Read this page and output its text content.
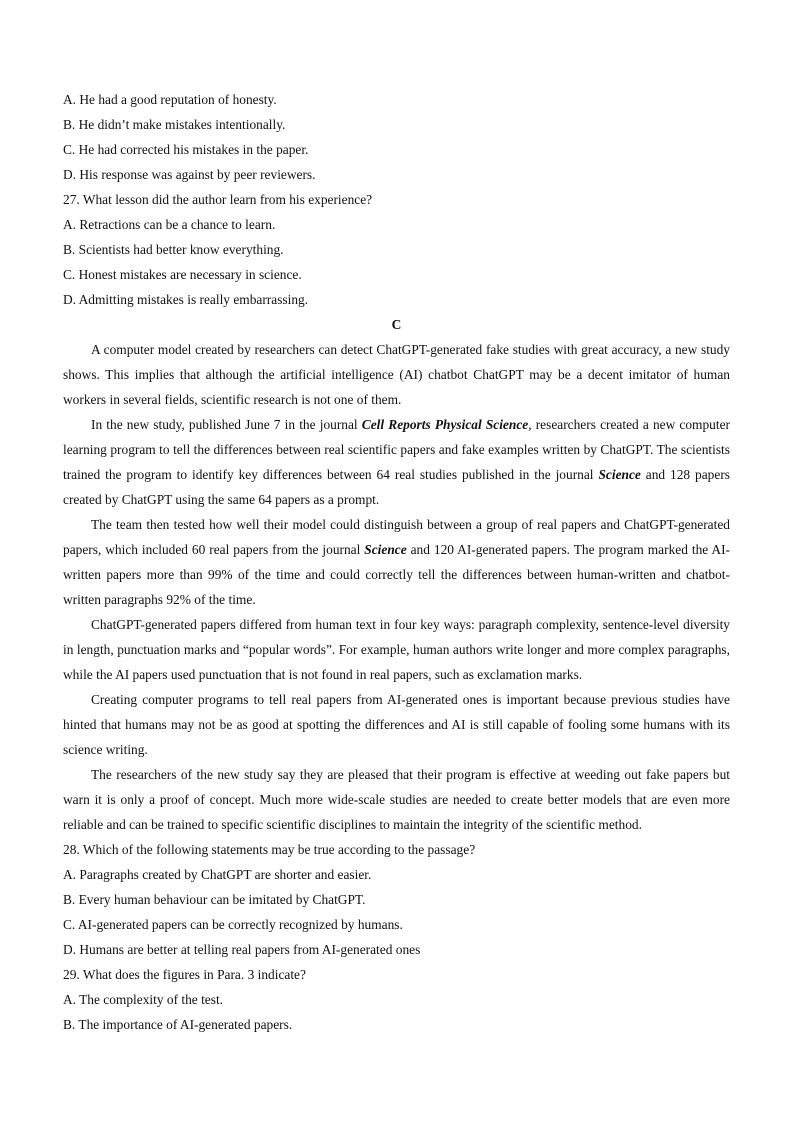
A. He had a good reputation of honesty.
B. He didn’t make mistakes intentionally.
C. He had corrected his mistakes in the paper.
D. His response was against by peer reviewers.
27. What lesson did the author learn from his experience?
A. Retractions can be a chance to learn.
B. Scientists had better know everything.
C. Honest mistakes are necessary in science.
D. Admitting mistakes is really embarrassing.
C
A computer model created by researchers can detect ChatGPT-generated fake studies with great accuracy, a new study shows. This implies that although the artificial intelligence (AI) chatbot ChatGPT may be a decent imitator of human workers in several fields, scientific research is not one of them.
In the new study, published June 7 in the journal Cell Reports Physical Science, researchers created a new computer learning program to tell the differences between real scientific papers and fake examples written by ChatGPT. The scientists trained the program to identify key differences between 64 real studies published in the journal Science and 128 papers created by ChatGPT using the same 64 papers as a prompt.
The team then tested how well their model could distinguish between a group of real papers and ChatGPT-generated papers, which included 60 real papers from the journal Science and 120 AI-generated papers. The program marked the AI-written papers more than 99% of the time and could correctly tell the differences between human-written and chatbot-written paragraphs 92% of the time.
ChatGPT-generated papers differed from human text in four key ways: paragraph complexity, sentence-level diversity in length, punctuation marks and “popular words”. For example, human authors write longer and more complex paragraphs, while the AI papers used punctuation that is not found in real papers, such as exclamation marks.
Creating computer programs to tell real papers from AI-generated ones is important because previous studies have hinted that humans may not be as good at spotting the differences and AI is still capable of fooling some humans with its science writing.
The researchers of the new study say they are pleased that their program is effective at weeding out fake papers but warn it is only a proof of concept. Much more wide-scale studies are needed to create better models that are even more reliable and can be trained to specific scientific disciplines to maintain the integrity of the scientific method.
28. Which of the following statements may be true according to the passage?
A. Paragraphs created by ChatGPT are shorter and easier.
B. Every human behaviour can be imitated by ChatGPT.
C. AI-generated papers can be correctly recognized by humans.
D. Humans are better at telling real papers from AI-generated ones
29. What does the figures in Para. 3 indicate?
A. The complexity of the test.
B. The importance of AI-generated papers.
